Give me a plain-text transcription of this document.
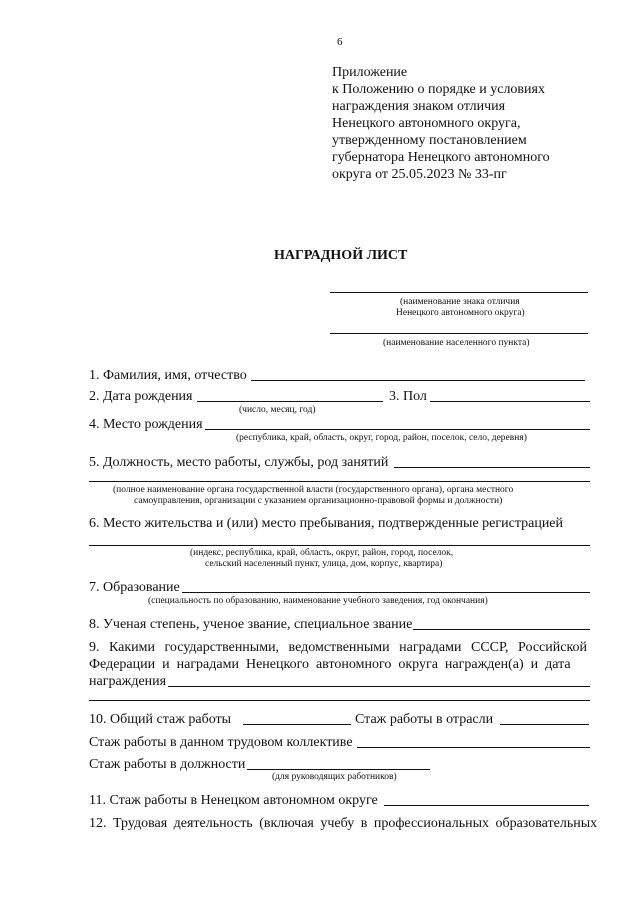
6
Приложение
к Положению о порядке и условиях
награждения знаком отличия
Ненецкого автономного округа,
утвержденному постановлением
губернатора Ненецкого автономного
округа от 25.05.2023 № 33-пг
НАГРАДНОЙ ЛИСТ
(наименование знака отличия
Ненецкого автономного округа)
(наименование населенного пункта)
1. Фамилия, имя, отчество
2. Дата рождения	3. Пол
(число, месяц, год)
4. Место рождения
(республика, край, область, округ, город, район, поселок, село, деревня)
5. Должность, место работы, службы, род занятий
(полное наименование органа государственной власти (государственного органа), органа местного
самоуправления, организации с указанием организационно-правовой формы и должности)
6. Место жительства и (или) место пребывания, подтвержденные регистрацией
(индекс, республика, край, область, округ, район, город, поселок,
сельский населенный пункт, улица, дом, корпус, квартира)
7. Образование
(специальность по образованию, наименование учебного заведения, год окончания)
8. Ученая степень, ученое звание, специальное звание
9. Какими государственными, ведомственными наградами СССР, Российской
Федерации и наградами Ненецкого автономного округа награжден(а) и дата
награждения
10. Общий стаж работы	Стаж работы в отрасли
Стаж работы в данном трудовом коллективе
Стаж работы в должности
(для руководящих работников)
11. Стаж работы в Ненецком автономном округе
12. Трудовая деятельность (включая учебу в профессиональных образовательных
